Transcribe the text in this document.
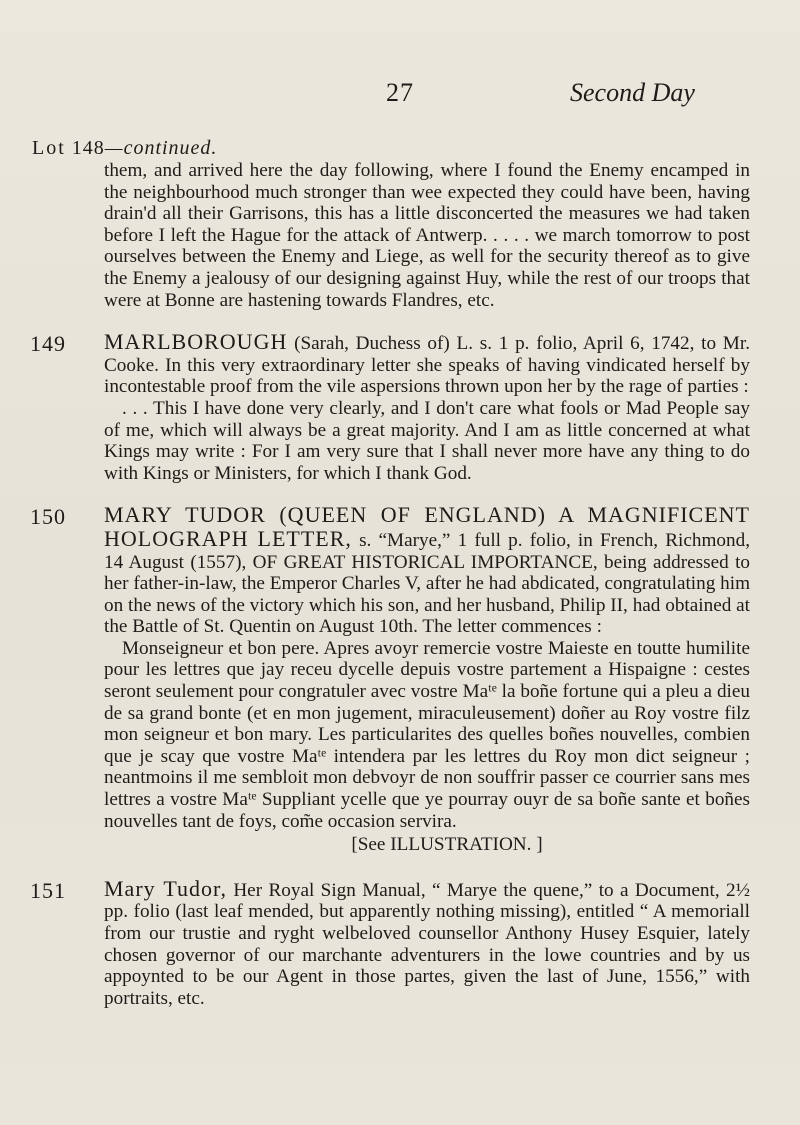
27	Second Day
Lot 148—continued.

them, and arrived here the day following, where I found the Enemy encamped in the neighbourhood much stronger than wee expected they could have been, having drain'd all their Garrisons, this has a little disconcerted the measures we had taken before I left the Hague for the attack of Antwerp. . . . . we march tomorrow to post ourselves between the Enemy and Liege, as well for the security thereof as to give the Enemy a jealousy of our designing against Huy, while the rest of our troops that were at Bonne are hastening towards Flandres, etc.

149 MARLBOROUGH (Sarah, Duchess of) L. s. 1 p. folio, April 6, 1742, to Mr. Cooke. In this very extraordinary letter she speaks of having vindicated herself by incontestable proof from the vile aspersions thrown upon her by the rage of parties :

. . . This I have done very clearly, and I don't care what fools or Mad People say of me, which will always be a great majority. And I am as little concerned at what Kings may write : For I am very sure that I shall never more have any thing to do with Kings or Ministers, for which I thank God.

150 MARY TUDOR (QUEEN OF ENGLAND) A MAGNIFICENT HOLOGRAPH LETTER, s. “Marye,” 1 full p. folio, in French, Richmond, 14 August (1557), OF GREAT HISTORICAL IMPORTANCE, being addressed to her father-in-law, the Emperor Charles V, after he had abdicated, congratulating him on the news of the victory which his son, and her husband, Philip II, had obtained at the Battle of St. Quentin on August 10th. The letter commences :

Monseigneur et bon pere. Apres avoyr remercie vostre Maieste en toutte humilite pour les lettres que jay receu dycelle depuis vostre partement a Hispaigne : cestes seront seulement pour congratuler avec vostre Maᵗᵉ la boñe fortune qui a pleu a dieu de sa grand bonte (et en mon jugement, miraculeusement) doñer au Roy vostre filz mon seigneur et bon mary. Les particularites des quelles boñes nouvelles, combien que je scay que vostre Maᵗᵉ intendera par les lettres du Roy mon dict seigneur ; neantmoins il me sembloit mon debvoyr de non souffrir passer ce courrier sans mes lettres a vostre Maᵗᵉ Suppliant ycelle que ye pourray ouyr de sa boñe sante et boñes nouvelles tant de foys, com̃e occasion servira.

[See ILLUSTRATION. ]

151 Mary Tudor, Her Royal Sign Manual, “ Marye the quene,” to a Document, 2½ pp. folio (last leaf mended, but apparently nothing missing), entitled “ A memoriall from our trustie and ryght welbeloved counsellor Anthony Husey Esquier, lately chosen governor of our marchante adventurers in the lowe countries and by us appoynted to be our Agent in those partes, given the last of June, 1556,” with portraits, etc.
